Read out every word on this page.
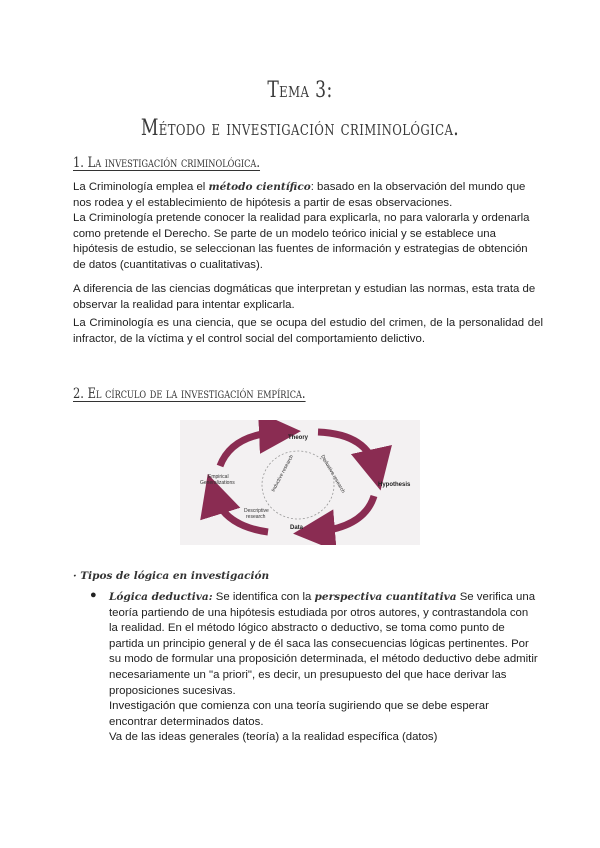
Tema 3:
Método e investigación criminológica.
1. La investigación criminológica.

La Criminología emplea el método científico: basado en la observación del mundo que nos rodea y el establecimiento de hipótesis a partir de esas observaciones.

La Criminología pretende conocer la realidad para explicarla, no para valorarla y ordenarla como pretende el Derecho. Se parte de un modelo teórico inicial y se establece una hipótesis de estudio, se seleccionan las fuentes de información y estrategias de obtención de datos (cuantitativas o cualitativas).

A diferencia de las ciencias dogmáticas que interpretan y estudian las normas, esta trata de observar la realidad para intentar explicarla.
La Criminología es una ciencia, que se ocupa del estudio del crimen, de la personalidad del infractor, de la víctima y el control social del comportamiento delictivo.
2. El círculo de la investigación empírica.
Theory
Hypothesis
Data
Empirical
Generalizations
Descriptive
research
Inductive research	Deductive research
· Tipos de lógica en investigación
● Lógica deductiva: Se identifica con la perspectiva cuantitativa Se verifica una teoría partiendo de una hipótesis estudiada por otros autores, y contrastandola con la realidad. En el método lógico abstracto o deductivo, se toma como punto de partida un principio general y de él saca las consecuencias lógicas pertinentes. Por su modo de formular una proposición determinada, el método deductivo debe admitir necesariamente un "a priori", es decir, un presupuesto del que hace derivar las proposiciones sucesivas.

Investigación que comienza con una teoría sugiriendo que se debe esperar encontrar determinados datos.

Va de las ideas generales (teoría) a la realidad específica (datos)
